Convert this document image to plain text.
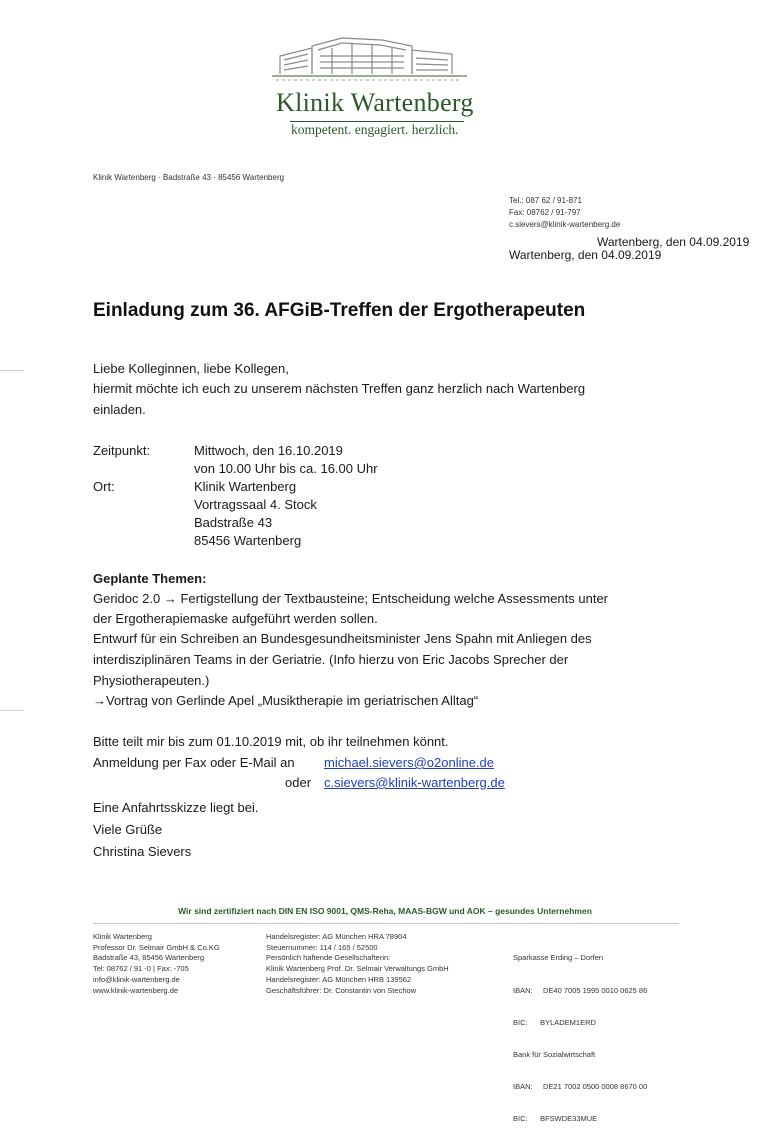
Klinik Wartenberg
kompetent. engagiert. herzlich.
Klinik Wartenberg · Badstraße 43 · 85456 Wartenberg
Tel.: 087 62 / 91-871
Fax: 08762 / 91-797
c.sievers@klinik-wartenberg.de
Wartenberg, den 04.09.2019
Wartenberg, den 04.09.2019
Einladung zum 36. AFGiB-Treffen der Ergotherapeuten
Liebe Kolleginnen, liebe Kollegen,
hiermit möchte ich euch zu unserem nächsten Treffen ganz herzlich nach Wartenberg
einladen.
Zeitpunkt:	Mittwoch, den 16.10.2019
von 10.00 Uhr bis ca. 16.00 Uhr
Ort:	Klinik Wartenberg
Vortragssaal 4. Stock
Badstraße 43
85456 Wartenberg
Geplante Themen:
Geridoc 2.0 → Fertigstellung der Textbausteine; Entscheidung welche Assessments unter
der Ergotherapiemaske aufgeführt werden sollen.
Entwurf für ein Schreiben an Bundesgesundheitsminister Jens Spahn mit Anliegen des
interdisziplinären Teams in der Geriatrie. (Info hierzu von Eric Jacobs Sprecher der
Physiotherapeuten.)
→Vortrag von Gerlinde Apel „Musiktherapie im geriatrischen Alltag“
Bitte teilt mir bis zum 01.10.2019 mit, ob ihr teilnehmen könnt.
Anmeldung per Fax oder E-Mail an michael.sievers@o2online.de
oder c.sievers@klinik-wartenberg.de
Eine Anfahrtsskizze liegt bei.
Viele Grüße
Christina Sievers
Wir sind zertifiziert nach DIN EN ISO 9001, QMS-Reha, MAAS-BGW und AOK – gesundes Unternehmen
Klinik Wartenberg
Professor Dr. Selmair GmbH & Co.KG
Badstraße 43, 85456 Wartenberg
Tel: 08762 / 91 -0 | Fax: -705
info@klinik-wartenberg.de
www.klinik-wartenberg.de
Handelsregister: AG München HRA 78904
Steuernummer: 114 / 165 / 52500
Persönlich haftende Gesellschafterin:
Klinik Wartenberg Prof. Dr. Selmair Verwaltungs GmbH
Handelsregister: AG München HRB 139562
Geschäftsführer: Dr. Constantin von Stechow

Sparkasse Erding – Dorfen

IBAN:     DE40 7005 1995 0010 0625 86

BIC:      BYLADEM1ERD

Bank für Sozialwirtschaft

IBAN:     DE21 7002 0500 0008 8670 00

BIC:      BFSWDE33MUE
